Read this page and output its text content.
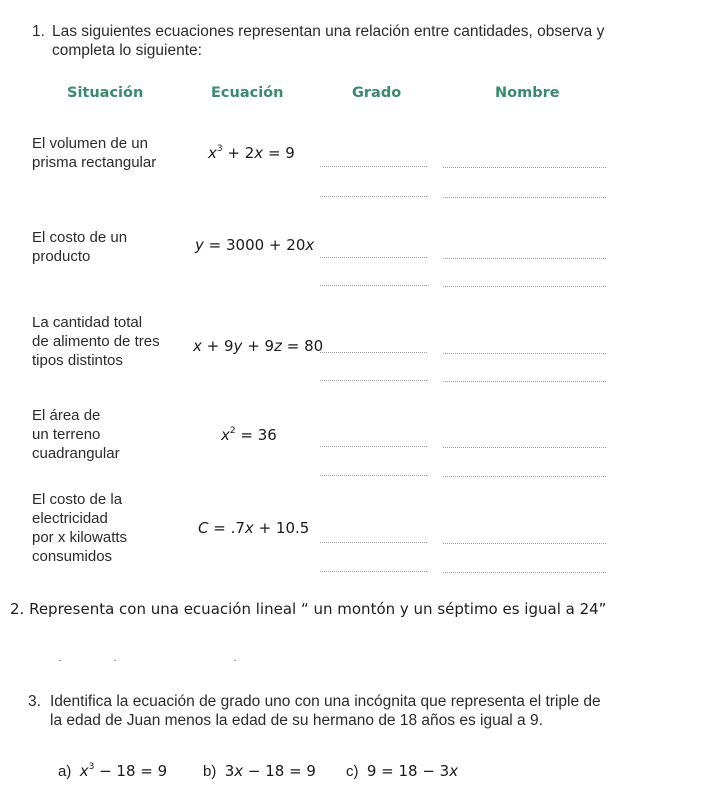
1. Las siguientes ecuaciones representan una relación entre cantidades, observa y
completa lo siguiente:
Situación	Ecuación	Grado	Nombre
El volumen de un
prisma rectangular
$x^3 + 2x = 9$
El costo de un
producto
y = 3000 + 20x
La cantidad total
de alimento de tres
tipos distintos
x + 9y + 9z = 80
El área de
un terreno
cuadrangular
$x^2 = 36$
El costo de la
electricidad
por x kilowatts
consumidos
C = .7x + 10.5
2. Representa con una ecuación lineal “ un montón y un séptimo es igual a 24”
3. Identifica la ecuación de grado uno con una incógnita que representa el triple de
la edad de Juan menos la edad de su hermano de 18 años es igual a 9.
a) $x^3 - 18 = 9$ b) 3x − 18 = 9 c) 9 = 18 − 3x
